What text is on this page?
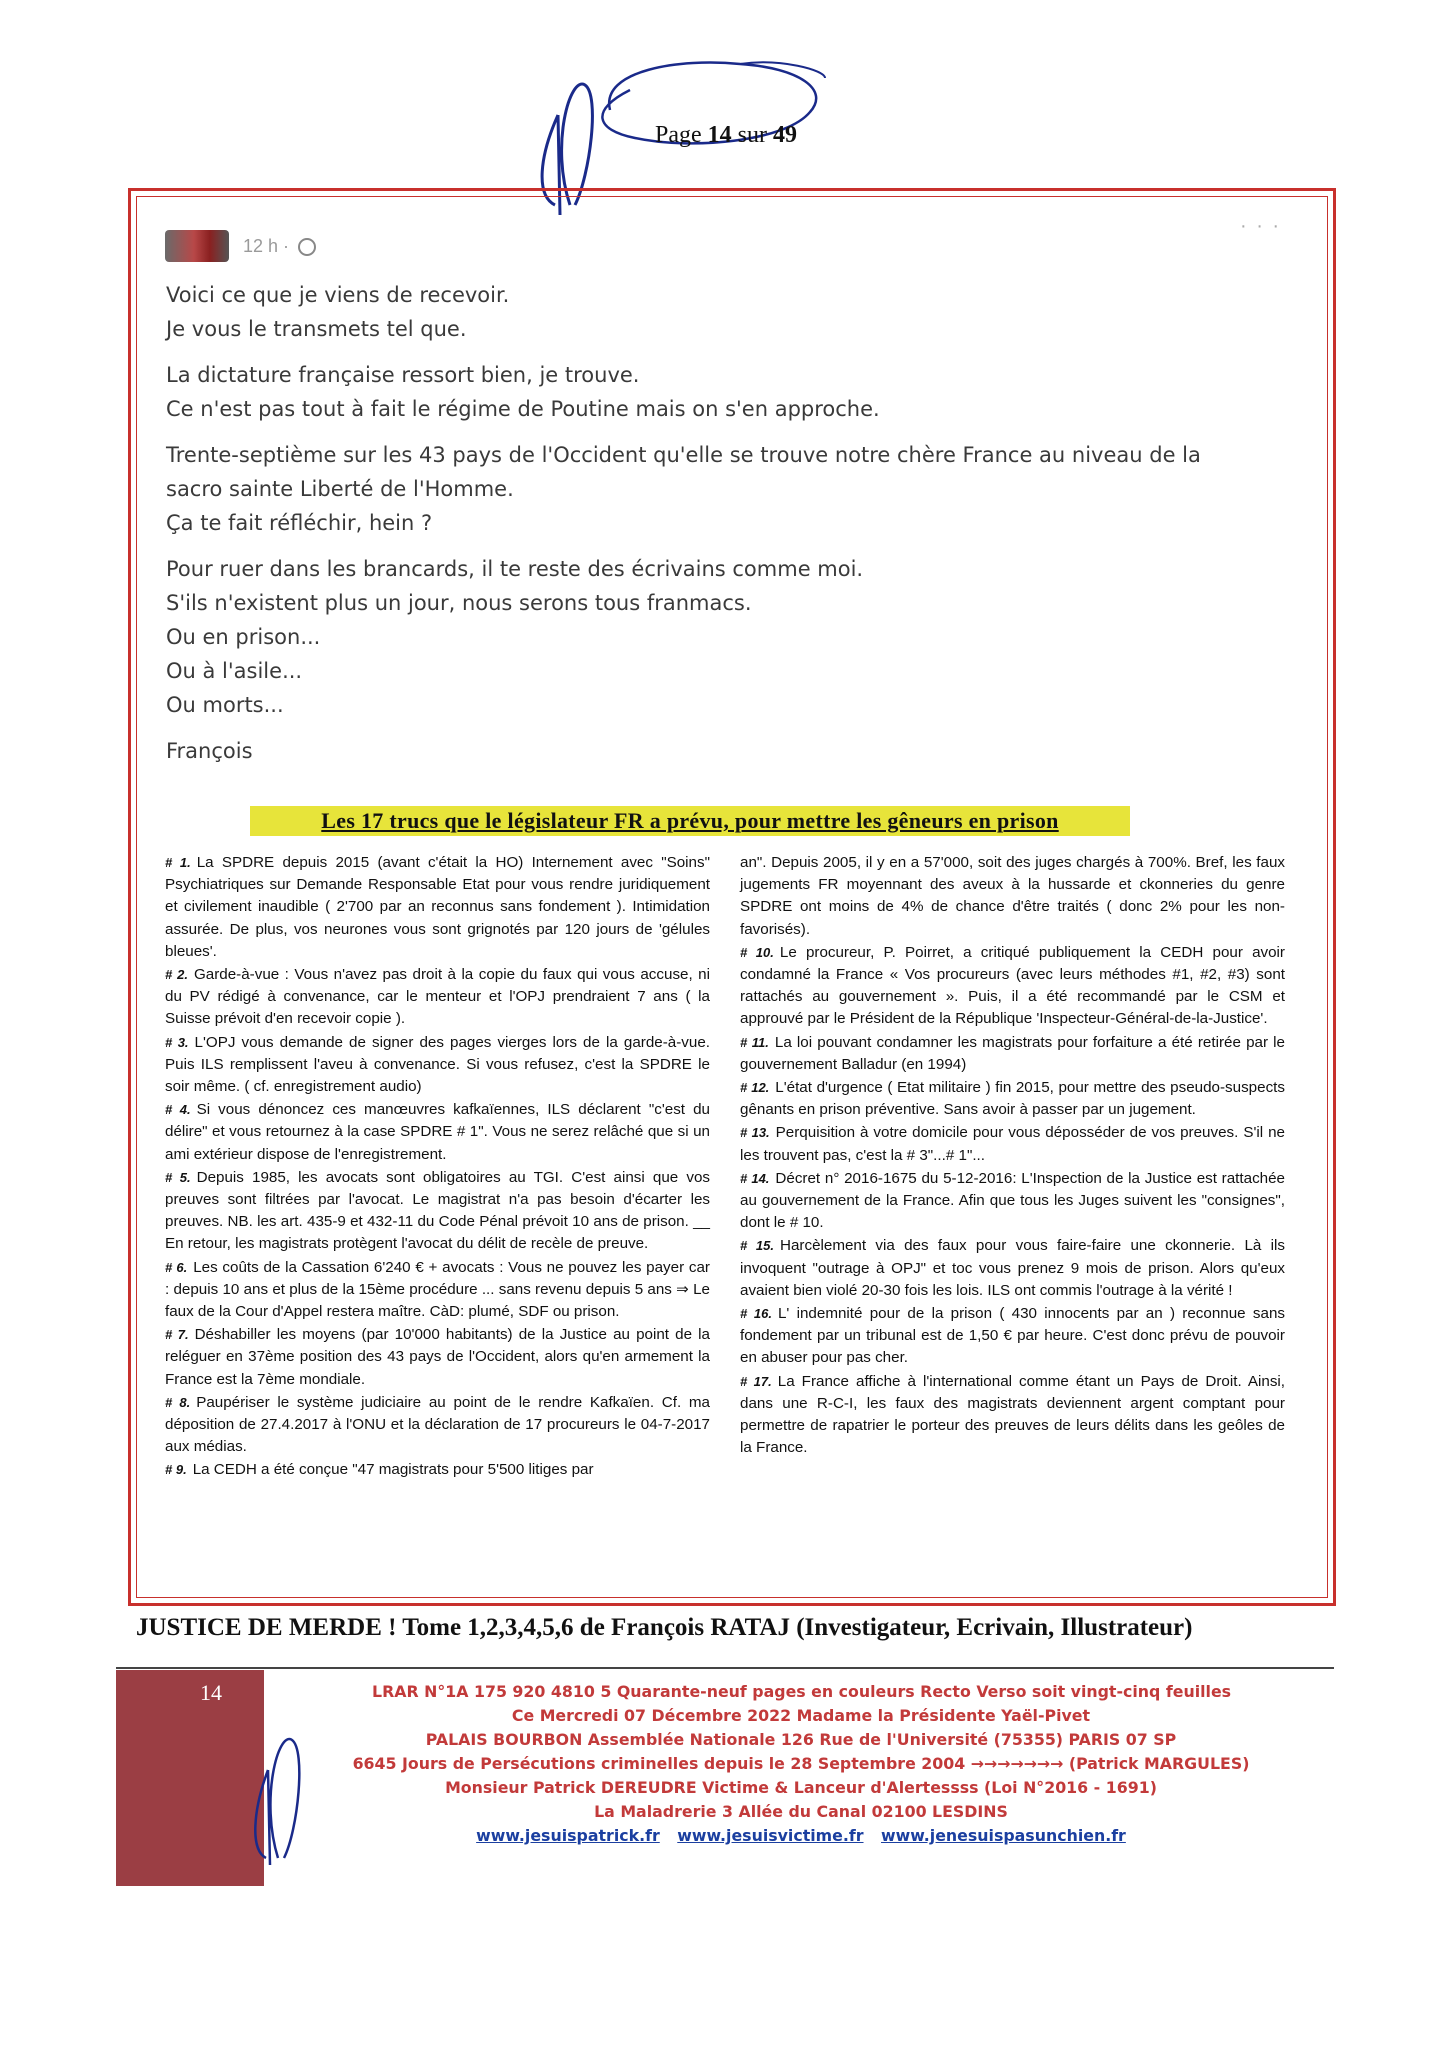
Page 14 sur 49
12 h ·
· · ·

Voici ce que je viens de recevoir.
Je vous le transmets tel que.

La dictature française ressort bien, je trouve.
Ce n'est pas tout à fait le régime de Poutine mais on s'en approche.

Trente-septième sur les 43 pays de l'Occident qu'elle se trouve notre chère France au niveau de la
sacro sainte Liberté de l'Homme.
Ça te fait réfléchir, hein ?

Pour ruer dans les brancards, il te reste des écrivains comme moi.
S'ils n'existent plus un jour, nous serons tous franmacs.
Ou en prison...
Ou à l'asile...
Ou morts...

François

Les 17 trucs que le législateur FR a prévu, pour mettre les gêneurs en prison
# 1. La SPDRE depuis 2015 (avant c'était la HO) Internement avec "Soins" Psychiatriques sur Demande Responsable Etat pour vous rendre juridiquement et civilement inaudible ( 2'700 par an reconnus sans fondement ). Intimidation assurée. De plus, vos neurones vous sont grignotés par 120 jours de 'gélules bleues'.
# 2. Garde-à-vue : Vous n'avez pas droit à la copie du faux qui vous accuse, ni du PV rédigé à convenance, car le menteur et l'OPJ prendraient 7 ans ( la Suisse prévoit d'en recevoir copie ).
# 3. L'OPJ vous demande de signer des pages vierges lors de la garde-à-vue. Puis ILS remplissent l'aveu à convenance. Si vous refusez, c'est la SPDRE le soir même. ( cf. enregistrement audio)
# 4. Si vous dénoncez ces manœuvres kafkaïennes, ILS déclarent "c'est du délire" et vous retournez à la case SPDRE # 1". Vous ne serez relâché que si un ami extérieur dispose de l'enregistrement.
# 5. Depuis 1985, les avocats sont obligatoires au TGI. C'est ainsi que vos preuves sont filtrées par l'avocat. Le magistrat n'a pas besoin d'écarter les preuves. NB. les art. 435-9 et 432-11 du Code Pénal prévoit 10 ans de prison. __ En retour, les magistrats protègent l'avocat du délit de recèle de preuve.
# 6. Les coûts de la Cassation 6'240 € + avocats : Vous ne pouvez les payer car : depuis 10 ans et plus de la 15ème procédure ... sans revenu depuis 5 ans ⇒ Le faux de la Cour d'Appel restera maître. CàD: plumé, SDF ou prison.
# 7. Déshabiller les moyens (par 10'000 habitants) de la Justice au point de la reléguer en 37ème position des 43 pays de l'Occident, alors qu'en armement la France est la 7ème mondiale.
# 8. Paupériser le système judiciaire au point de le rendre Kafkaïen. Cf. ma déposition de 27.4.2017 à l'ONU et la déclaration de 17 procureurs le 04-7-2017 aux médias.
# 9. La CEDH a été conçue "47 magistrats pour 5'500 litiges par
an". Depuis 2005, il y en a 57'000, soit des juges chargés à 700%. Bref, les faux jugements FR moyennant des aveux à la hussarde et ckonneries du genre SPDRE ont moins de 4% de chance d'être traités ( donc 2% pour les non-favorisés).
# 10. Le procureur, P. Poirret, a critiqué publiquement la CEDH pour avoir condamné la France « Vos procureurs (avec leurs méthodes #1, #2, #3) sont rattachés au gouvernement ». Puis, il a été recommandé par le CSM et approuvé par le Président de la République 'Inspecteur-Général-de-la-Justice'.
# 11. La loi pouvant condamner les magistrats pour forfaiture a été retirée par le gouvernement Balladur (en 1994)
# 12. L'état d'urgence ( Etat militaire ) fin 2015, pour mettre des pseudo-suspects gênants en prison préventive. Sans avoir à passer par un jugement.
# 13. Perquisition à votre domicile pour vous déposséder de vos preuves. S'il ne les trouvent pas, c'est la # 3"...# 1"...
# 14. Décret n° 2016-1675 du 5-12-2016: L'Inspection de la Justice est rattachée au gouvernement de la France. Afin que tous les Juges suivent les "consignes", dont le # 10.
# 15. Harcèlement via des faux pour vous faire-faire une ckonnerie. Là ils invoquent "outrage à OPJ" et toc vous prenez 9 mois de prison. Alors qu'eux avaient bien violé 20-30 fois les lois. ILS ont commis l'outrage à la vérité !
# 16. L' indemnité pour de la prison ( 430 innocents par an ) reconnue sans fondement par un tribunal est de 1,50 € par heure. C'est donc prévu de pouvoir en abuser pour pas cher.
# 17. La France affiche à l'international comme étant un Pays de Droit. Ainsi, dans une R-C-I, les faux des magistrats deviennent argent comptant pour permettre de rapatrier le porteur des preuves de leurs délits dans les geôles de la France.
JUSTICE DE MERDE ! Tome 1,2,3,4,5,6 de François RATAJ (Investigateur, Ecrivain, Illustrateur)
14	LRAR N°1A 175 920 4810 5 Quarante-neuf pages en couleurs Recto Verso soit vingt-cinq feuilles
Ce Mercredi 07 Décembre 2022 Madame la Présidente Yaël-Pivet
PALAIS BOURBON Assemblée Nationale 126 Rue de l'Université (75355) PARIS 07 SP
6645 Jours de Persécutions criminelles depuis le 28 Septembre 2004 →→→→→→→ (Patrick MARGULES)
Monsieur Patrick DEREUDRE Victime & Lanceur d'Alertessss (Loi N°2016 - 1691)
La Maladrerie 3 Allée du Canal 02100 LESDINS
www.jesuispatrick.fr www.jesuisvictime.fr www.jenesuispasunchien.fr
